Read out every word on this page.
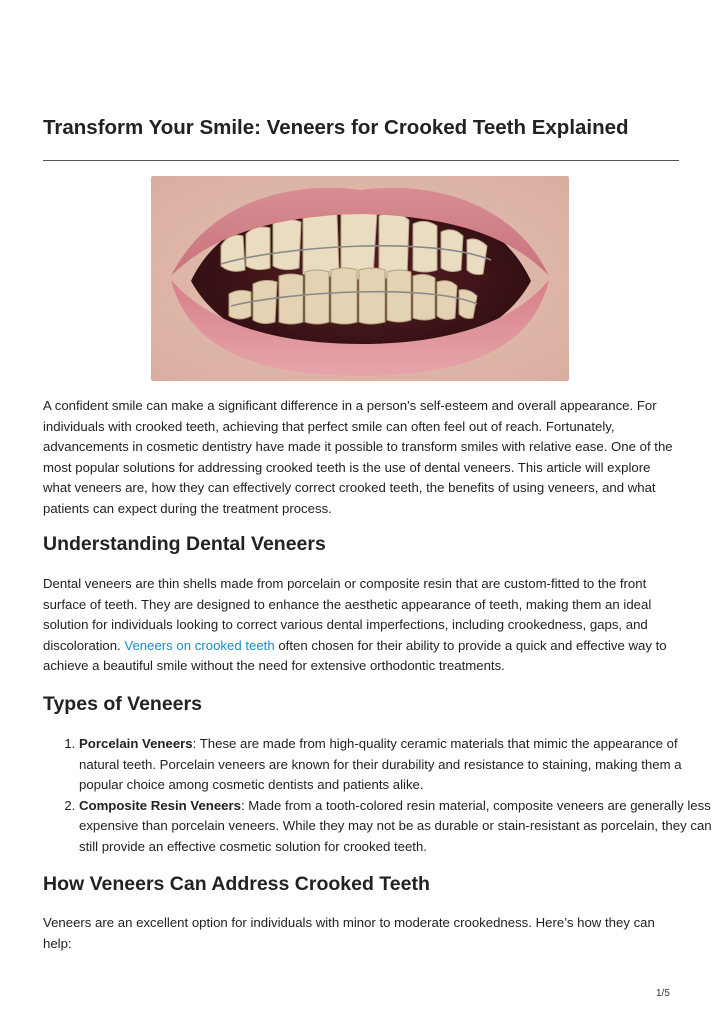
Transform Your Smile: Veneers for Crooked Teeth Explained

A confident smile can make a significant difference in a person's self-esteem and overall appearance. For individuals with crooked teeth, achieving that perfect smile can often feel out of reach. Fortunately, advancements in cosmetic dentistry have made it possible to transform smiles with relative ease. One of the most popular solutions for addressing crooked teeth is the use of dental veneers. This article will explore what veneers are, how they can effectively correct crooked teeth, the benefits of using veneers, and what patients can expect during the treatment process.

Understanding Dental Veneers

Dental veneers are thin shells made from porcelain or composite resin that are custom-fitted to the front surface of teeth. They are designed to enhance the aesthetic appearance of teeth, making them an ideal solution for individuals looking to correct various dental imperfections, including crookedness, gaps, and discoloration. Veneers on crooked teeth often chosen for their ability to provide a quick and effective way to achieve a beautiful smile without the need for extensive orthodontic treatments.

Types of Veneers
1. Porcelain Veneers: These are made from high-quality ceramic materials that mimic the appearance of natural teeth. Porcelain veneers are known for their durability and resistance to staining, making them a popular choice among cosmetic dentists and patients alike.
2. Composite Resin Veneers: Made from a tooth-colored resin material, composite veneers are generally less expensive than porcelain veneers. While they may not be as durable or stain-resistant as porcelain, they can still provide an effective cosmetic solution for crooked teeth.
How Veneers Can Address Crooked Teeth

Veneers are an excellent option for individuals with minor to moderate crookedness. Here’s how they can help:

1/5
